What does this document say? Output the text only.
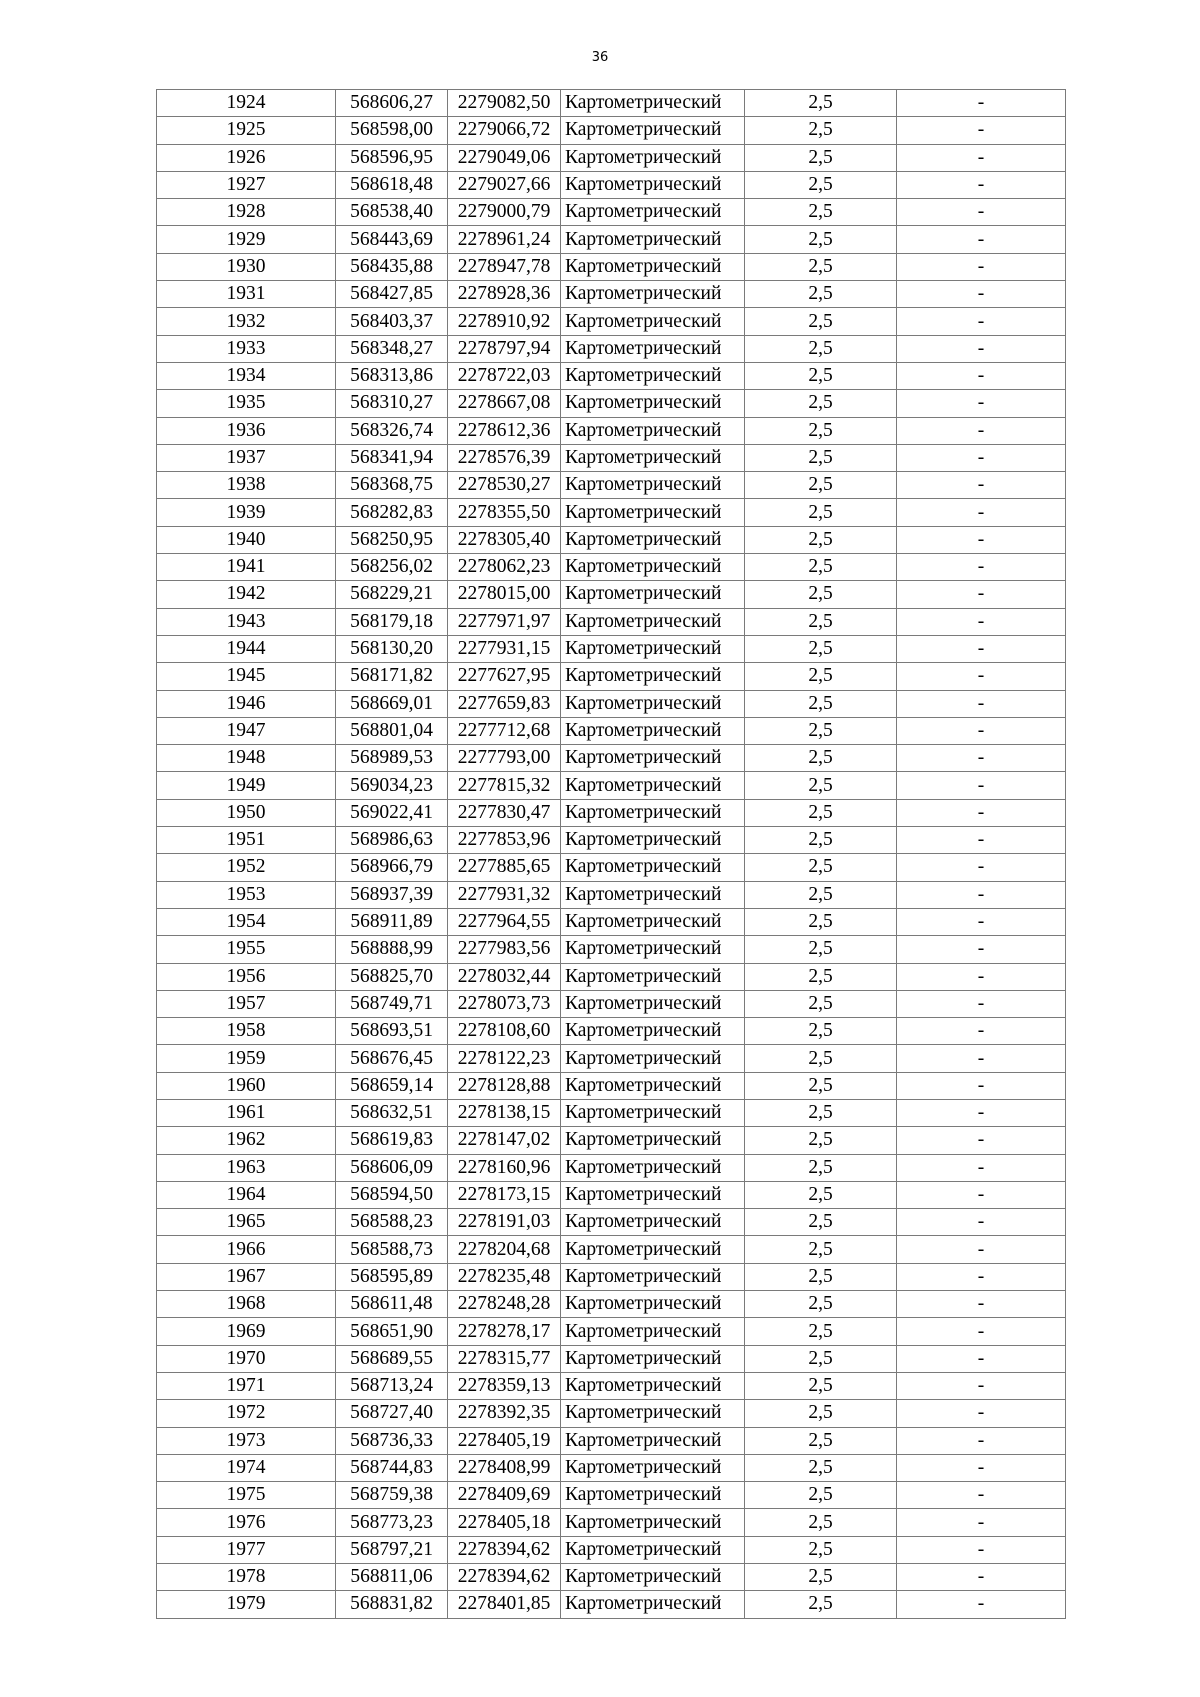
36
1924	568606,27	2279082,50	Картометрический	2,5	-
1925	568598,00	2279066,72	Картометрический	2,5	-
1926	568596,95	2279049,06	Картометрический	2,5	-
1927	568618,48	2279027,66	Картометрический	2,5	-
1928	568538,40	2279000,79	Картометрический	2,5	-
1929	568443,69	2278961,24	Картометрический	2,5	-
1930	568435,88	2278947,78	Картометрический	2,5	-
1931	568427,85	2278928,36	Картометрический	2,5	-
1932	568403,37	2278910,92	Картометрический	2,5	-
1933	568348,27	2278797,94	Картометрический	2,5	-
1934	568313,86	2278722,03	Картометрический	2,5	-
1935	568310,27	2278667,08	Картометрический	2,5	-
1936	568326,74	2278612,36	Картометрический	2,5	-
1937	568341,94	2278576,39	Картометрический	2,5	-
1938	568368,75	2278530,27	Картометрический	2,5	-
1939	568282,83	2278355,50	Картометрический	2,5	-
1940	568250,95	2278305,40	Картометрический	2,5	-
1941	568256,02	2278062,23	Картометрический	2,5	-
1942	568229,21	2278015,00	Картометрический	2,5	-
1943	568179,18	2277971,97	Картометрический	2,5	-
1944	568130,20	2277931,15	Картометрический	2,5	-
1945	568171,82	2277627,95	Картометрический	2,5	-
1946	568669,01	2277659,83	Картометрический	2,5	-
1947	568801,04	2277712,68	Картометрический	2,5	-
1948	568989,53	2277793,00	Картометрический	2,5	-
1949	569034,23	2277815,32	Картометрический	2,5	-
1950	569022,41	2277830,47	Картометрический	2,5	-
1951	568986,63	2277853,96	Картометрический	2,5	-
1952	568966,79	2277885,65	Картометрический	2,5	-
1953	568937,39	2277931,32	Картометрический	2,5	-
1954	568911,89	2277964,55	Картометрический	2,5	-
1955	568888,99	2277983,56	Картометрический	2,5	-
1956	568825,70	2278032,44	Картометрический	2,5	-
1957	568749,71	2278073,73	Картометрический	2,5	-
1958	568693,51	2278108,60	Картометрический	2,5	-
1959	568676,45	2278122,23	Картометрический	2,5	-
1960	568659,14	2278128,88	Картометрический	2,5	-
1961	568632,51	2278138,15	Картометрический	2,5	-
1962	568619,83	2278147,02	Картометрический	2,5	-
1963	568606,09	2278160,96	Картометрический	2,5	-
1964	568594,50	2278173,15	Картометрический	2,5	-
1965	568588,23	2278191,03	Картометрический	2,5	-
1966	568588,73	2278204,68	Картометрический	2,5	-
1967	568595,89	2278235,48	Картометрический	2,5	-
1968	568611,48	2278248,28	Картометрический	2,5	-
1969	568651,90	2278278,17	Картометрический	2,5	-
1970	568689,55	2278315,77	Картометрический	2,5	-
1971	568713,24	2278359,13	Картометрический	2,5	-
1972	568727,40	2278392,35	Картометрический	2,5	-
1973	568736,33	2278405,19	Картометрический	2,5	-
1974	568744,83	2278408,99	Картометрический	2,5	-
1975	568759,38	2278409,69	Картометрический	2,5	-
1976	568773,23	2278405,18	Картометрический	2,5	-
1977	568797,21	2278394,62	Картометрический	2,5	-
1978	568811,06	2278394,62	Картометрический	2,5	-
1979	568831,82	2278401,85	Картометрический	2,5	-
